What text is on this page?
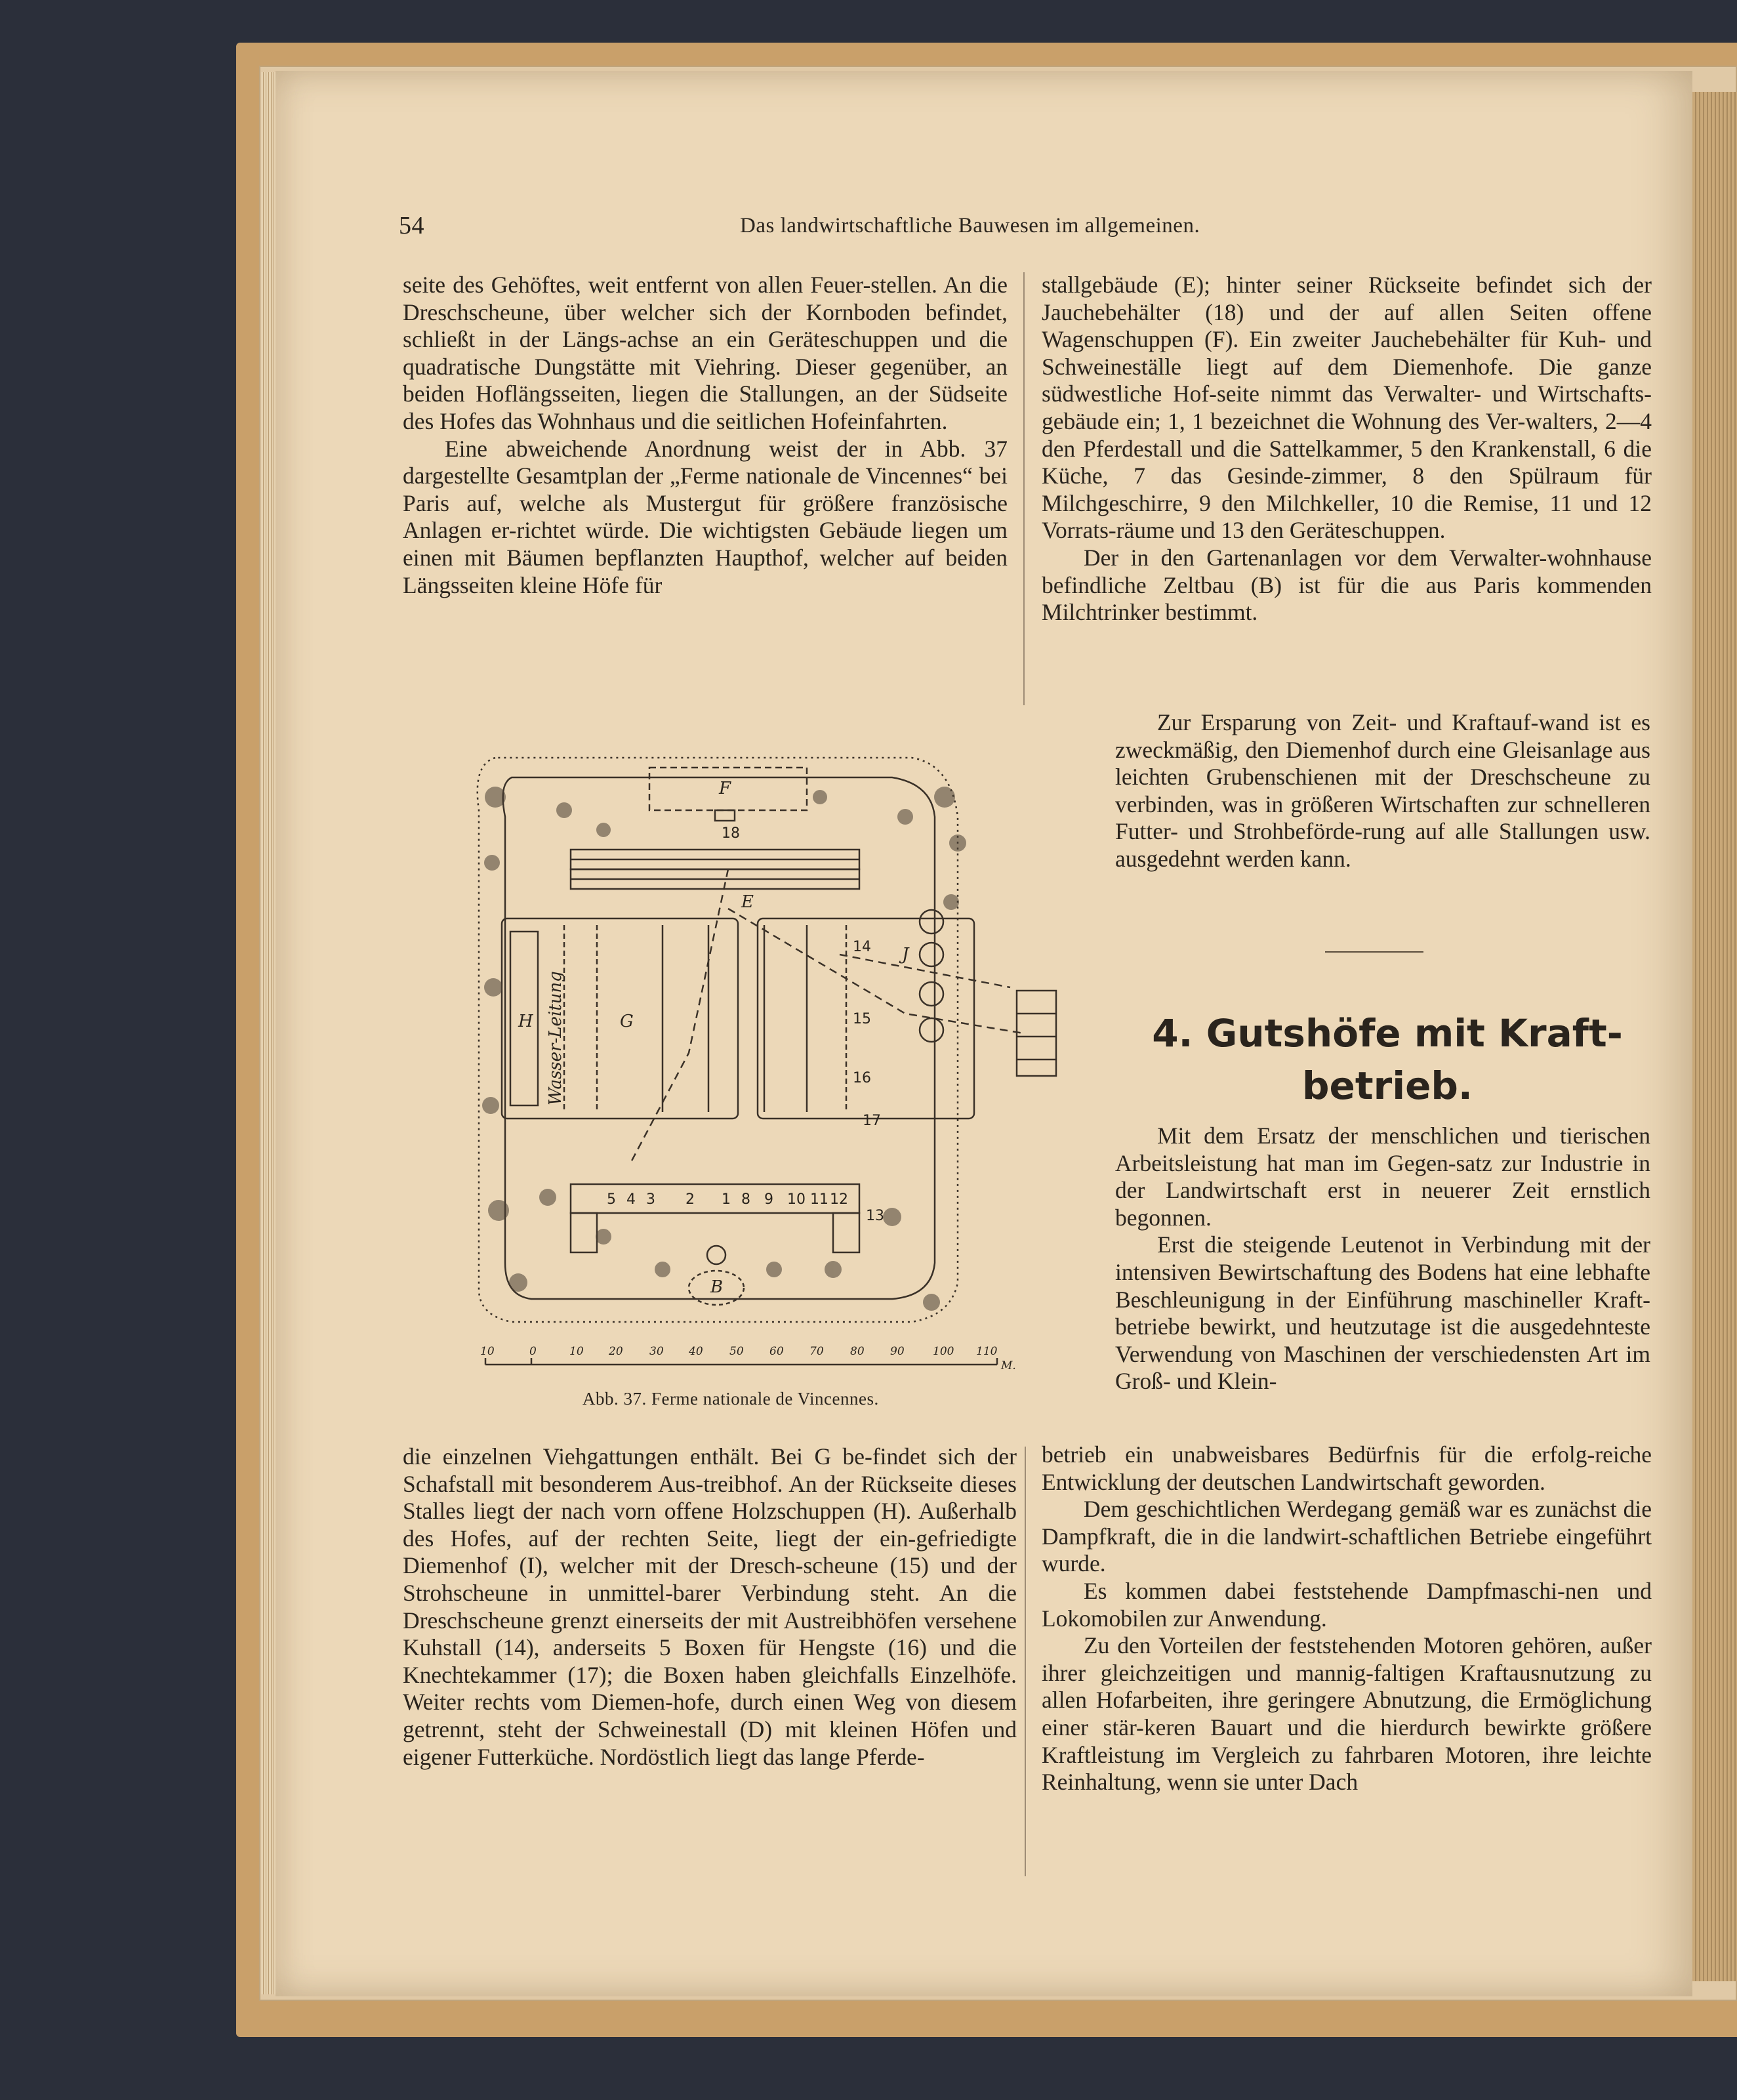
54	Das landwirtschaftliche Bauwesen im allgemeinen.

seite des Gehöftes, weit entfernt von allen Feuer-stellen. An die Dreschscheune, über welcher sich der Kornboden befindet, schließt in der Längs-achse an ein Geräteschuppen und die quadratische Dungstätte mit Viehring. Dieser gegenüber, an beiden Hoflängsseiten, liegen die Stallungen, an der Südseite des Hofes das Wohnhaus und die seitlichen Hofeinfahrten.

Eine abweichende Anordnung weist der in Abb. 37 dargestellte Gesamtplan der „Ferme nationale de Vincennes“ bei Paris auf, welche als Mustergut für größere französische Anlagen er-richtet würde. Die wichtigsten Gebäude liegen um einen mit Bäumen bepflanzten Haupthof, welcher auf beiden Längsseiten kleine Höfe für

stallgebäude (E); hinter seiner Rückseite befindet sich der Jauchebehälter (18) und der auf allen Seiten offene Wagenschuppen (F). Ein zweiter Jauchebehälter für Kuh- und Schweineställe liegt auf dem Diemenhofe. Die ganze südwestliche Hof-seite nimmt das Verwalter- und Wirtschafts-gebäude ein; 1, 1 bezeichnet die Wohnung des Ver-walters, 2—4 den Pferdestall und die Sattelkammer, 5 den Krankenstall, 6 die Küche, 7 das Gesinde-zimmer, 8 den Spülraum für Milchgeschirre, 9 den Milchkeller, 10 die Remise, 11 und 12 Vorrats-räume und 13 den Geräteschuppen.

Der in den Gartenanlagen vor dem Verwalter-wohnhause befindliche Zeltbau (B) ist für die aus Paris kommenden Milchtrinker bestimmt.

Zur Ersparung von Zeit- und Kraftauf-wand ist es zweckmäßig, den Diemenhof durch eine Gleisanlage aus leichten Grubenschienen mit der Dreschscheune zu verbinden, was in größeren Wirtschaften zur schnelleren Futter- und Strohbeförde-rung auf alle Stallungen usw. ausgedehnt werden kann.

4. Gutshöfe mit Kraft-betrieb.

Mit dem Ersatz der menschlichen und tierischen Arbeitsleistung hat man im Gegen-satz zur Industrie in der Landwirtschaft erst in neuerer Zeit ernstlich begonnen.

Erst die steigende Leutenot in Verbindung mit der intensiven Bewirtschaftung des Bodens hat eine lebhafte Beschleunigung in der Einführung maschineller Kraft-betriebe bewirkt, und heutzutage ist die ausgedehnteste Verwendung von Maschinen der verschiedensten Art im Groß- und Klein-

F
18
E
J
H	G
14
15
16
17
13
B
Wasser-Leitung
5 4 3 2 1 8 9 10 11 12
10	0	10 20 30 40 50 60 70 80 90	100 110
M.
Abb. 37. Ferme nationale de Vincennes.

die einzelnen Viehgattungen enthält. Bei G be-findet sich der Schafstall mit besonderem Aus-treibhof. An der Rückseite dieses Stalles liegt der nach vorn offene Holzschuppen (H). Außerhalb des Hofes, auf der rechten Seite, liegt der ein-gefriedigte Diemenhof (I), welcher mit der Dresch-scheune (15) und der Strohscheune in unmittel-barer Verbindung steht. An die Dreschscheune grenzt einerseits der mit Austreibhöfen versehene Kuhstall (14), anderseits 5 Boxen für Hengste (16) und die Knechtekammer (17); die Boxen haben gleichfalls Einzelhöfe. Weiter rechts vom Diemen-hofe, durch einen Weg von diesem getrennt, steht der Schweinestall (D) mit kleinen Höfen und eigener Futterküche. Nordöstlich liegt das lange Pferde-

betrieb ein unabweisbares Bedürfnis für die erfolg-reiche Entwicklung der deutschen Landwirtschaft geworden.

Dem geschichtlichen Werdegang gemäß war es zunächst die Dampfkraft, die in die landwirt-schaftlichen Betriebe eingeführt wurde.

Es kommen dabei feststehende Dampfmaschi-nen und Lokomobilen zur Anwendung.

Zu den Vorteilen der feststehenden Motoren gehören, außer ihrer gleichzeitigen und mannig-faltigen Kraftausnutzung zu allen Hofarbeiten, ihre geringere Abnutzung, die Ermöglichung einer stär-keren Bauart und die hierdurch bewirkte größere Kraftleistung im Vergleich zu fahrbaren Motoren, ihre leichte Reinhaltung, wenn sie unter Dach
